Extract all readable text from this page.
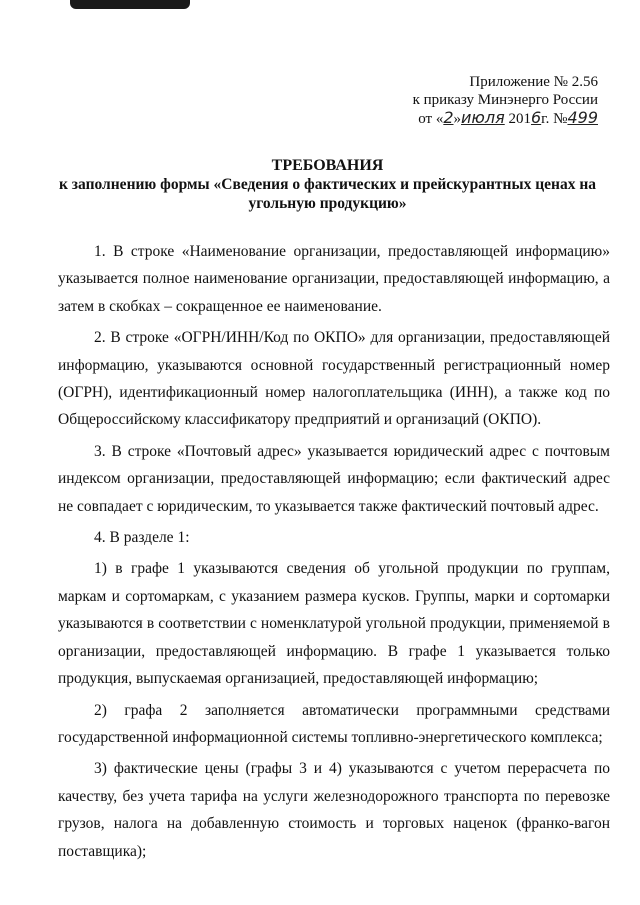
Приложение № 2.56
к приказу Минэнерго России
от «2»июля 2016г. №499
ТРЕБОВАНИЯ
к заполнению формы «Сведения о фактических и прейскурантных ценах на угольную продукцию»

1. В строке «Наименование организации, предоставляющей информацию» указывается полное наименование организации, предоставляющей информацию, а затем в скобках – сокращенное ее наименование.

2. В строке «ОГРН/ИНН/Код по ОКПО» для организации, предоставляющей информацию, указываются основной государственный регистрационный номер (ОГРН), идентификационный номер налогоплательщика (ИНН), а также код по Общероссийскому классификатору предприятий и организаций (ОКПО).

3. В строке «Почтовый адрес» указывается юридический адрес с почтовым индексом организации, предоставляющей информацию; если фактический адрес не совпадает с юридическим, то указывается также фактический почтовый адрес.

4. В разделе 1:

1) в графе 1 указываются сведения об угольной продукции по группам, маркам и сортомаркам, с указанием размера кусков. Группы, марки и сортомарки указываются в соответствии с номенклатурой угольной продукции, применяемой в организации, предоставляющей информацию. В графе 1 указывается только продукция, выпускаемая организацией, предоставляющей информацию;

2) графа 2 заполняется автоматически программными средствами государственной информационной системы топливно-энергетического комплекса;

3) фактические цены (графы 3 и 4) указываются с учетом перерасчета по качеству, без учета тарифа на услуги железнодорожного транспорта по перевозке грузов, налога на добавленную стоимость и торговых наценок (франко-вагон поставщика);
